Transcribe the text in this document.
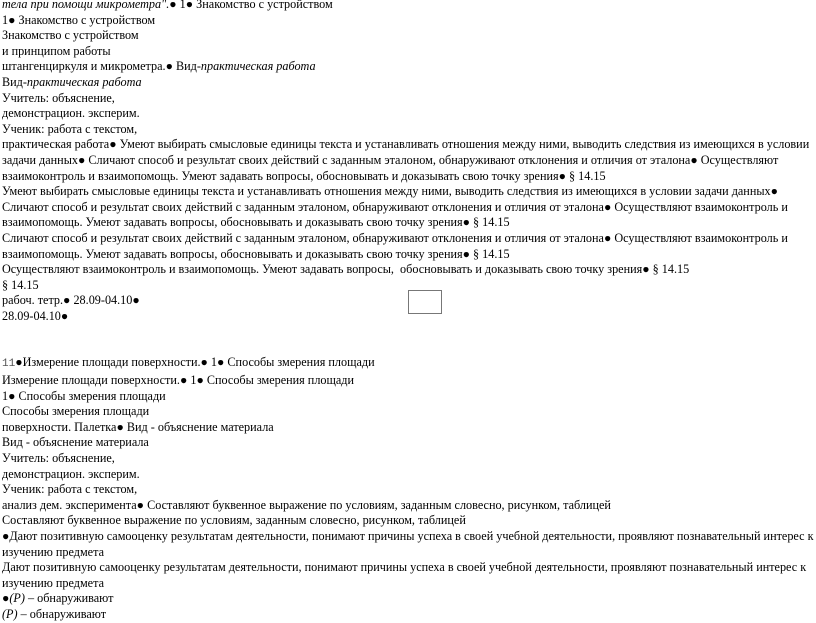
тела при помощи микрометра".● 1● Знакомство с устройством
1● Знакомство с устройством
Знакомство с устройством
и принципом работы
штангенциркуля и микрометра.● Вид-практическая работа
Вид-практическая работа
Учитель: объяснение,
демонстрацион. эксперим.
Ученик: работа с текстом,
практическая работа● Умеют выбирать смысловые единицы текста и устанавливать отношения между ними, выводить следствия из имеющихся в условии задачи данных● Сличают способ и результат своих действий с заданным эталоном, обнаруживают отклонения и отличия от эталона● Осуществляют взаимоконтроль и взаимопомощь. Умеют задавать вопросы, обосновывать и доказывать свою точку зрения● § 14.15
Умеют выбирать смысловые единицы текста и устанавливать отношения между ними, выводить следствия из имеющихся в условии задачи данных● Сличают способ и результат своих действий с заданным эталоном, обнаруживают отклонения и отличия от эталона● Осуществляют взаимоконтроль и взаимопомощь. Умеют задавать вопросы, обосновывать и доказывать свою точку зрения● § 14.15
Сличают способ и результат своих действий с заданным эталоном, обнаруживают отклонения и отличия от эталона● Осуществляют взаимоконтроль и взаимопомощь. Умеют задавать вопросы, обосновывать и доказывать свою точку зрения● § 14.15
Осуществляют взаимоконтроль и взаимопомощь. Умеют задавать вопросы,  обосновывать и доказывать свою точку зрения● § 14.15
§ 14.15
рабоч. тетр.● 28.09-04.10●
28.09-04.10●
11●Измерение площади поверхности.● 1● Способы змерения площади
Измерение площади поверхности.● 1● Способы змерения площади
1● Способы змерения площади
Способы змерения площади
поверхности. Палетка● Вид - объяснение материала
Вид - объяснение материала
Учитель: объяснение,
демонстрацион. эксперим.
Ученик: работа с текстом,
анализ дем. эксперимента● Составляют буквенное выражение по условиям, заданным словесно, рисунком, таблицей
Составляют буквенное выражение по условиям, заданным словесно, рисунком, таблицей
●Дают позитивную самооценку результатам деятельности, понимают причины успеха в своей учебной деятельности, проявляют познавательный интерес к изучению предмета
Дают позитивную самооценку результатам деятельности, понимают причины успеха в своей учебной деятельности, проявляют познавательный интерес к изучению предмета
●(Р) – обнаруживают
(Р) – обнаруживают
